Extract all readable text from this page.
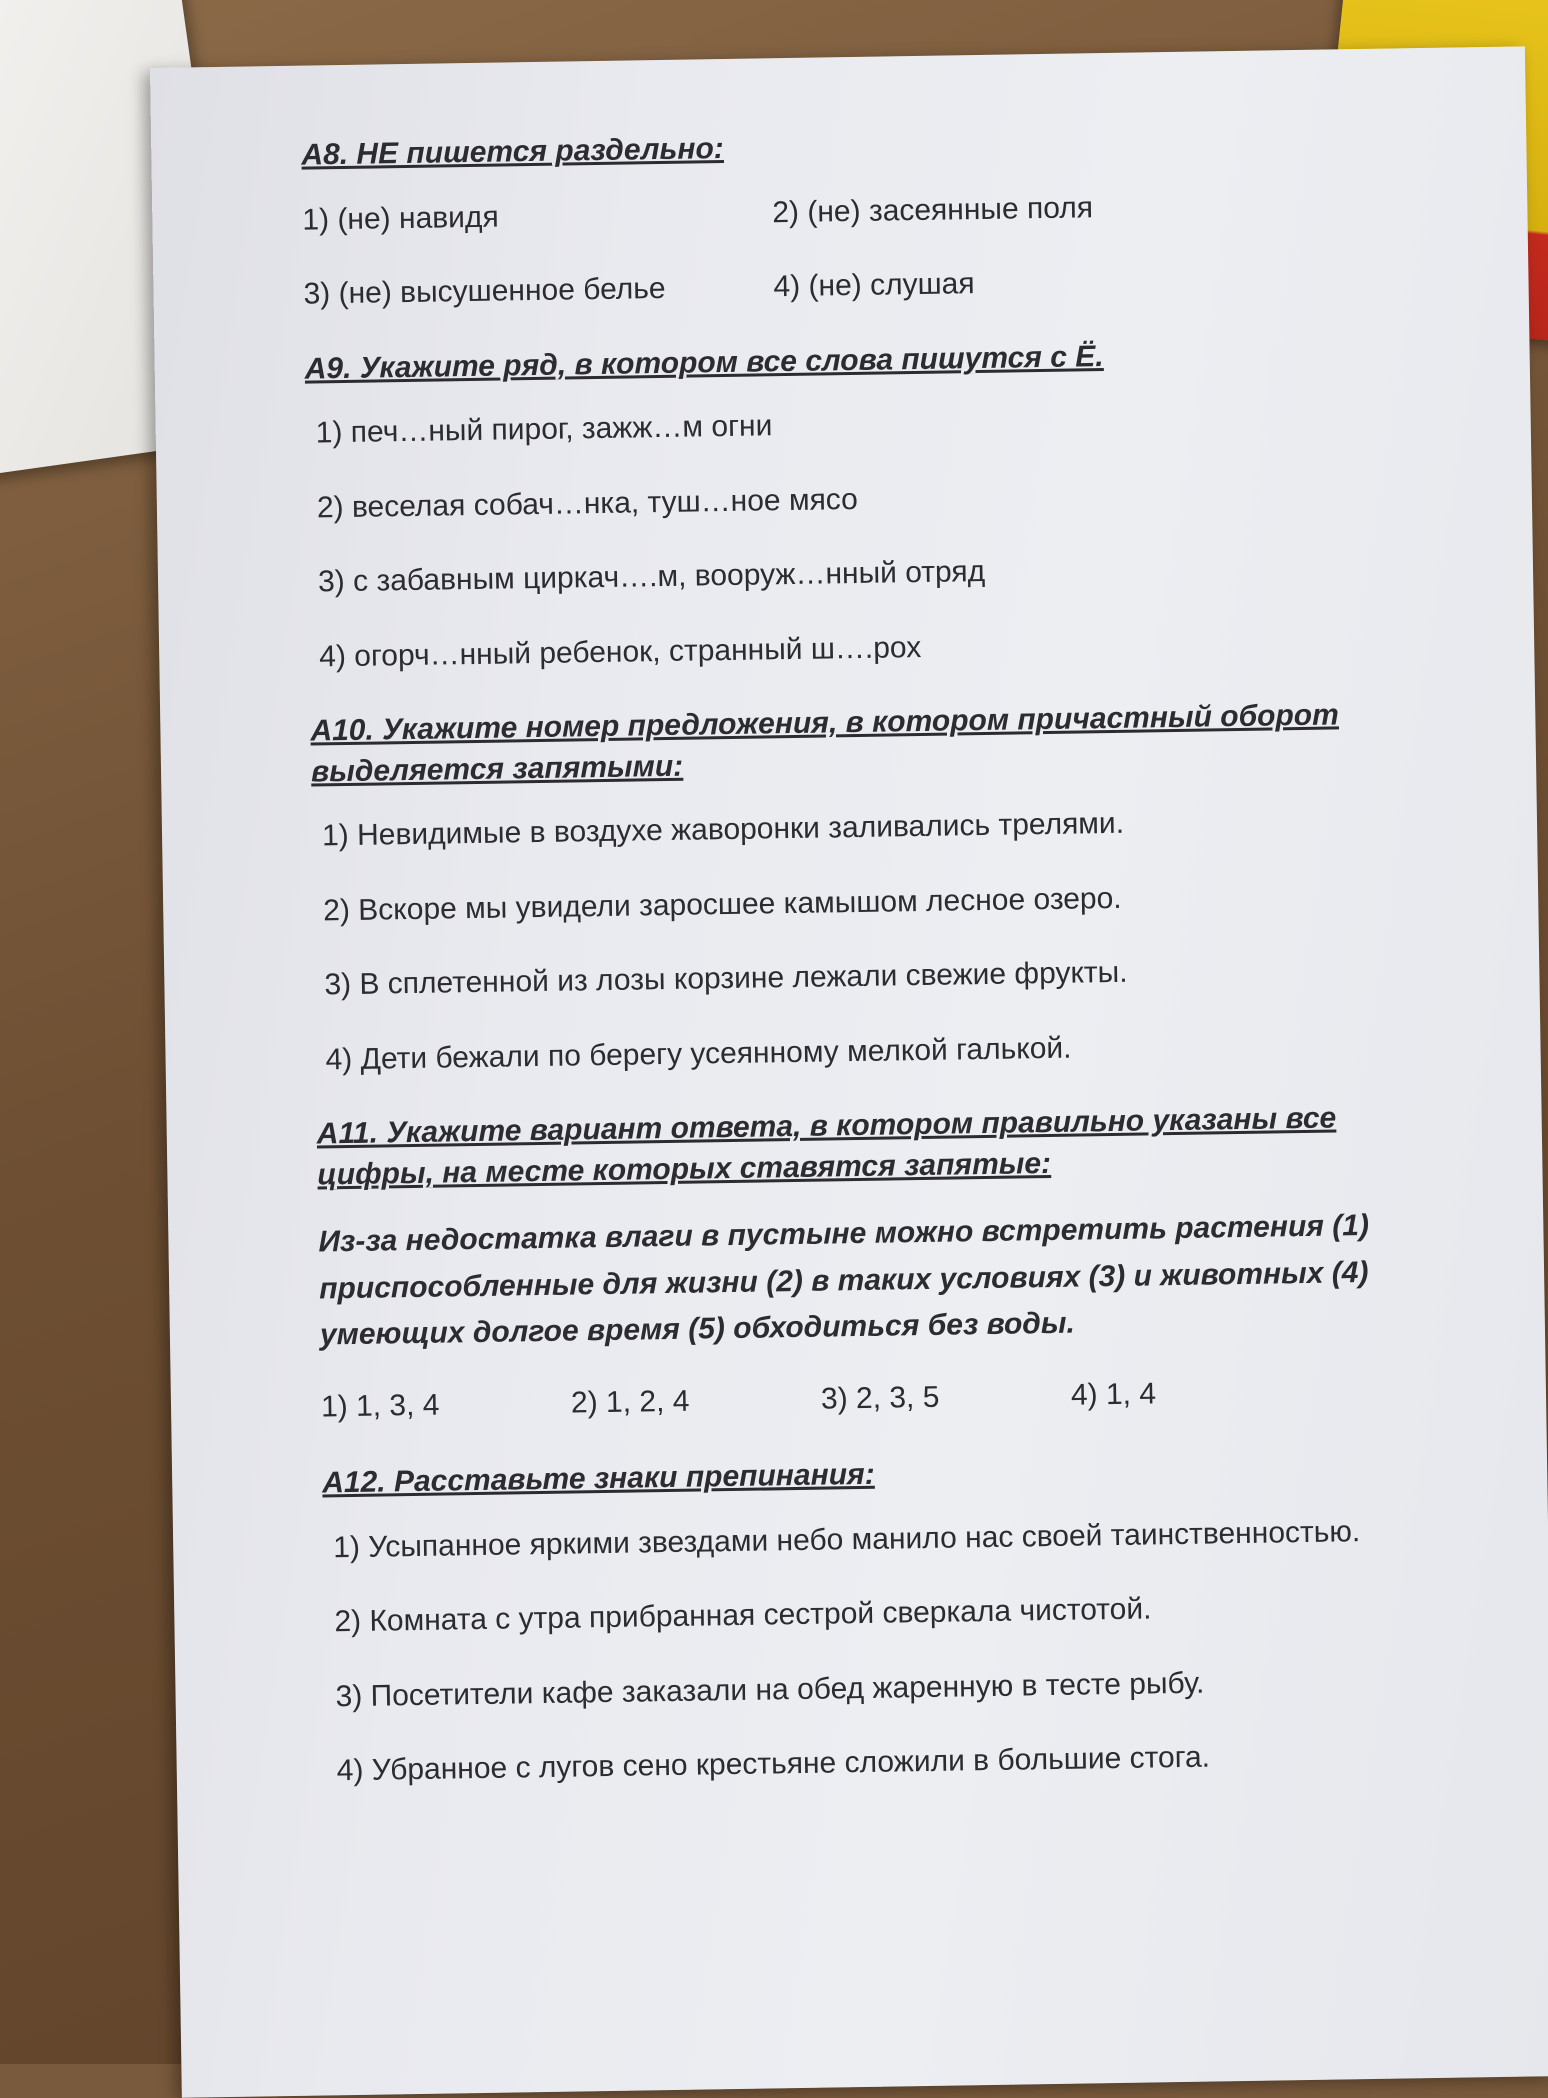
А8. НЕ пишется раздельно:
1) (не) навидя	2) (не) засеянные поля
3) (не) высушенное белье	4) (не) слушая
А9. Укажите ряд, в котором все слова пишутся с Ё.
1) печ…ный пирог, зажж…м огни
2) веселая собач…нка, туш…ное мясо
3) с забавным циркач….м, вооруж…нный отряд
4) огорч…нный ребенок, странный ш….рох
А10. Укажите номер предложения, в котором причастный оборот выделяется запятыми:
1) Невидимые в воздухе жаворонки заливались трелями.
2) Вскоре мы увидели заросшее камышом лесное озеро.
3) В сплетенной из лозы корзине лежали свежие фрукты.
4) Дети бежали по берегу усеянному мелкой галькой.
А11. Укажите вариант ответа, в котором правильно указаны все цифры, на месте которых ставятся запятые:
Из-за недостатка влаги в пустыне можно встретить растения (1) приспособленные для жизни (2) в таких условиях (3) и животных (4) умеющих долгое время (5) обходиться без воды.
1) 1, 3, 4	2) 1, 2, 4	3) 2, 3, 5	4) 1, 4
А12. Расставьте знаки препинания:
1) Усыпанное яркими звездами небо манило нас своей таинственностью.
2) Комната с утра прибранная сестрой сверкала чистотой.
3) Посетители кафе заказали на обед жаренную в тесте рыбу.
4) Убранное с лугов сено крестьяне сложили в большие стога.
